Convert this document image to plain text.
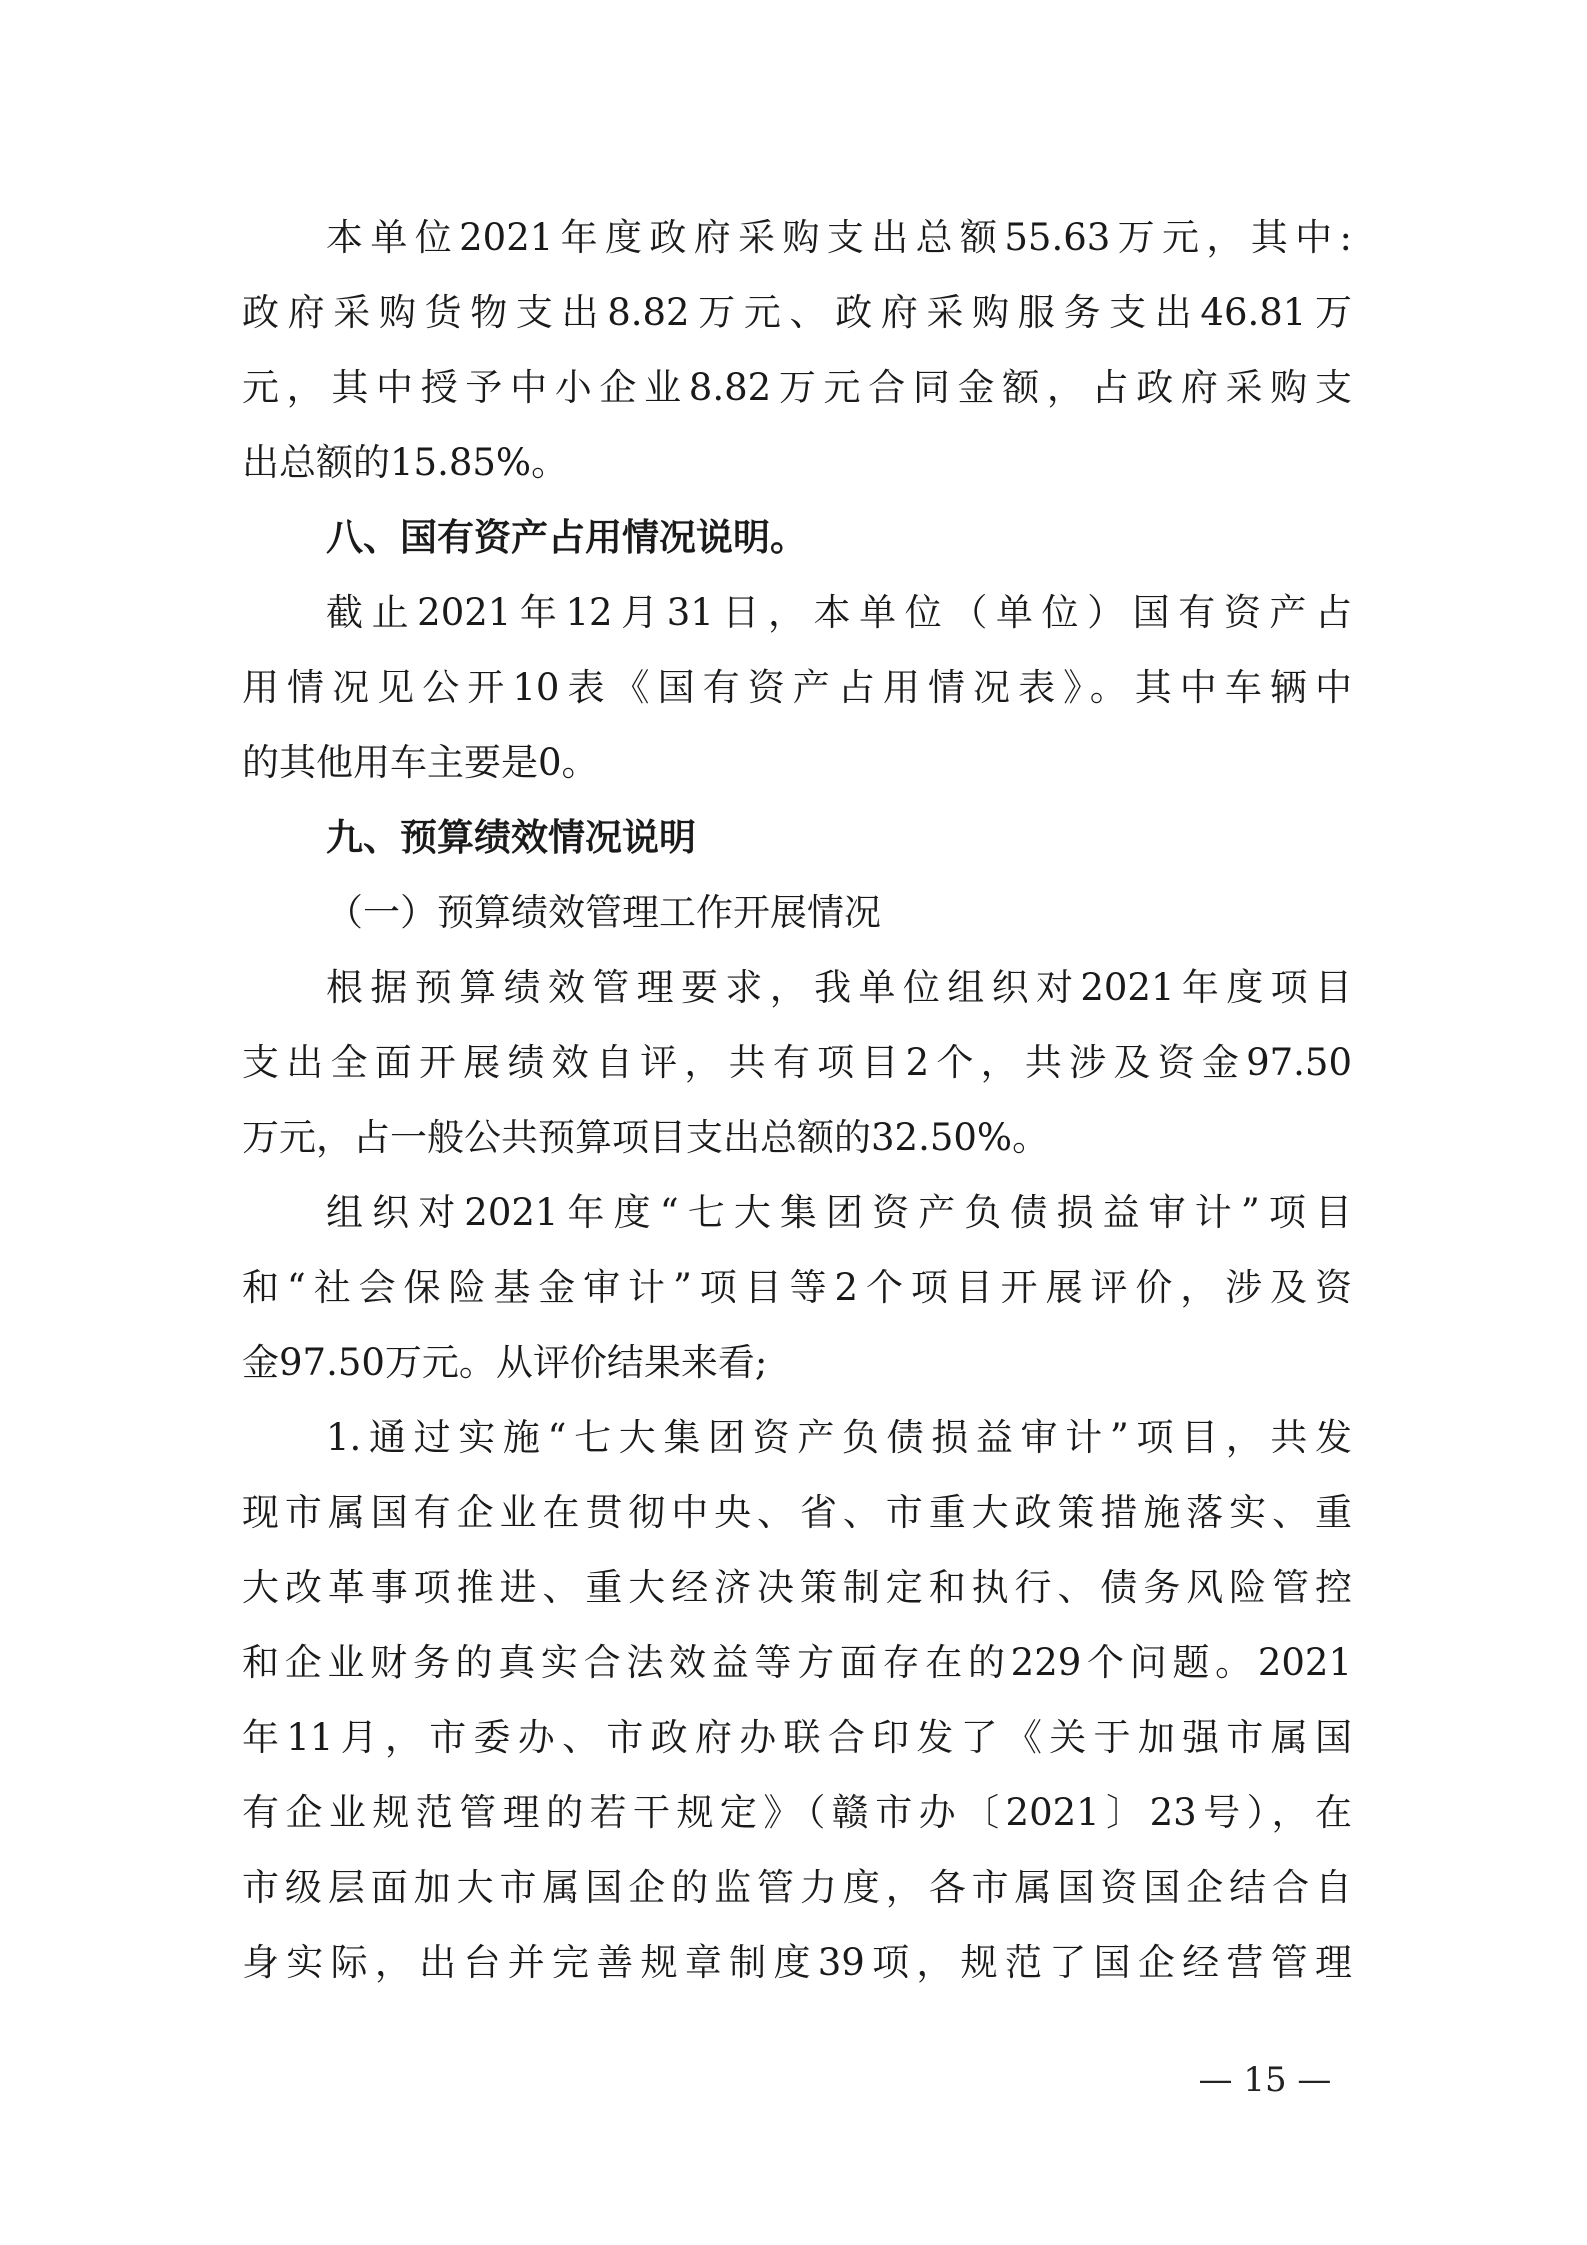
本单位2021年度政府采购支出总额55.63万元，其中:
政府采购货物支出8.82万元、政府采购服务支出46.81万
元，其中授予中小企业8.82万元合同金额，占政府采购支
出总额的15.85%。
八、国有资产占用情况说明。
截止2021年12月31日，本单位（单位）国有资产占
用情况见公开10表《国有资产占用情况表》。其中车辆中
的其他用车主要是0。
九、预算绩效情况说明
（一）预算绩效管理工作开展情况
根据预算绩效管理要求，我单位组织对2021年度项目
支出全面开展绩效自评，共有项目2个，共涉及资金97.50
万元，占一般公共预算项目支出总额的32.50%。
组织对2021年度“七大集团资产负债损益审计”项目
和“社会保险基金审计”项目等2个项目开展评价，涉及资
金97.50万元。从评价结果来看;
1.通过实施“七大集团资产负债损益审计”项目，共发
现市属国有企业在贯彻中央、省、市重大政策措施落实、重
大改革事项推进、重大经济决策制定和执行、债务风险管控
和企业财务的真实合法效益等方面存在的229个问题。2021
年11月，市委办、市政府办联合印发了《关于加强市属国
有企业规范管理的若干规定》（赣市办〔2021〕23号），在
市级层面加大市属国企的监管力度，各市属国资国企结合自
身实际，出台并完善规章制度39项，规范了国企经营管理
— 15 —
